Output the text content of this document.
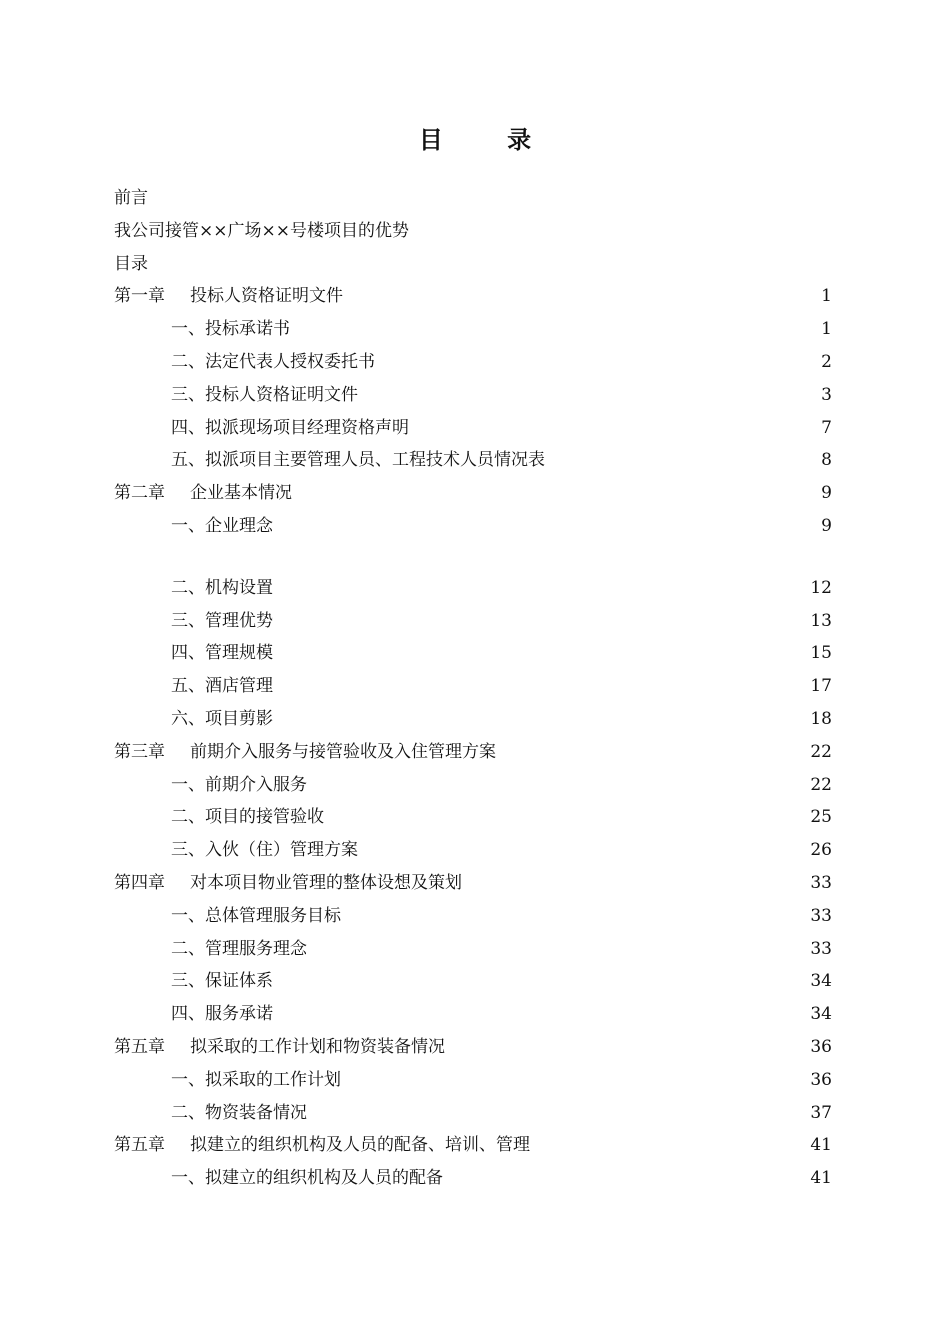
目 录
前言
我公司接管××广场××号楼项目的优势
目录
第一章 投标人资格证明文件	1
一、投标承诺书	1
二、法定代表人授权委托书	2
三、投标人资格证明文件	3
四、拟派现场项目经理资格声明	7
五、拟派项目主要管理人员、工程技术人员情况表	8
第二章 企业基本情况	9
一、企业理念	9
二、机构设置	12
三、管理优势	13
四、管理规模	15
五、酒店管理	17
六、项目剪影	18
第三章 前期介入服务与接管验收及入住管理方案	22
一、前期介入服务	22
二、项目的接管验收	25
三、入伙（住）管理方案	26
第四章 对本项目物业管理的整体设想及策划	33
一、总体管理服务目标	33
二、管理服务理念	33
三、保证体系	34
四、服务承诺	34
第五章 拟采取的工作计划和物资装备情况	36
一、拟采取的工作计划	36
二、物资装备情况	37
第五章 拟建立的组织机构及人员的配备、培训、管理	41
一、拟建立的组织机构及人员的配备	41
